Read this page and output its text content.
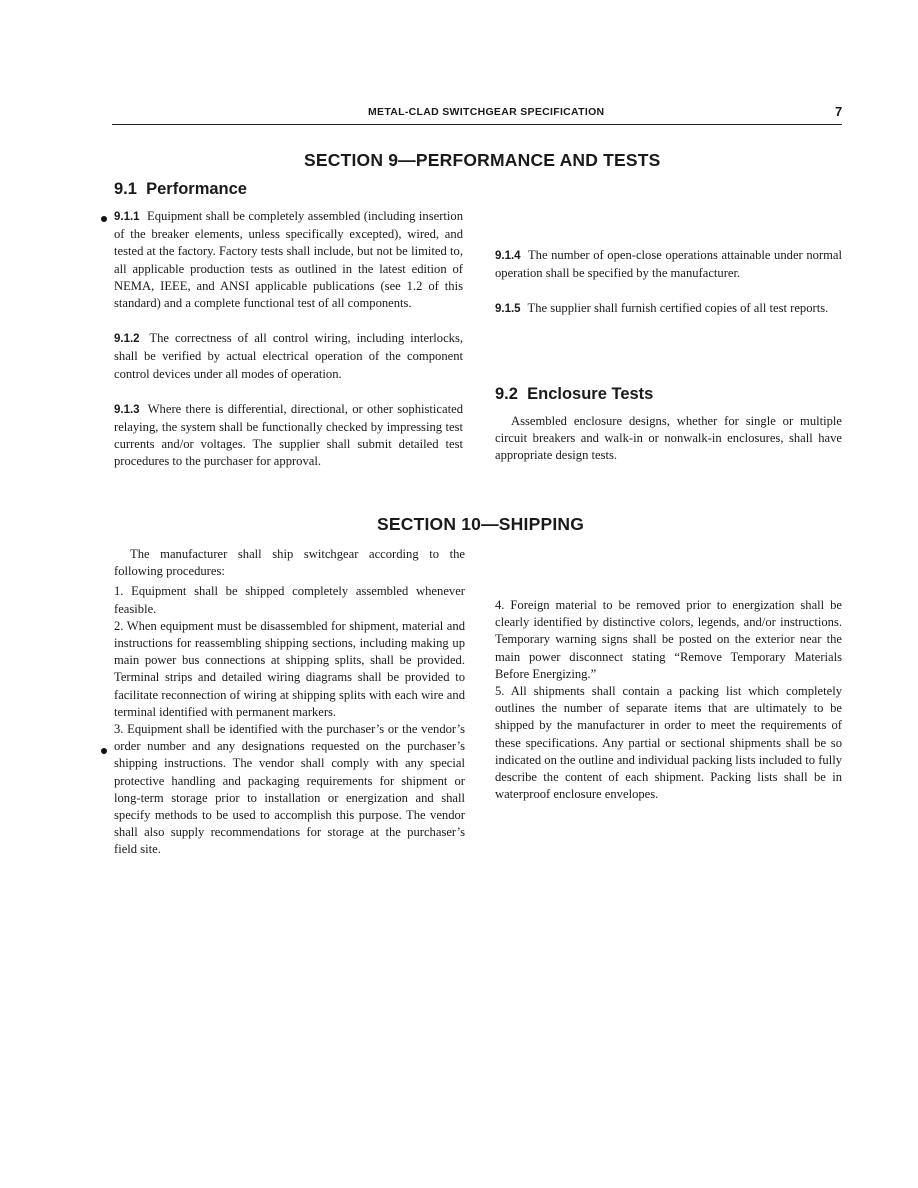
METAL-CLAD SWITCHGEAR SPECIFICATION	7
SECTION 9—PERFORMANCE AND TESTS
9.1 Performance

9.1.1 Equipment shall be completely assembled (including insertion of the breaker elements, unless specifically excepted), wired, and tested at the factory. Factory tests shall include, but not be limited to, all applicable production tests as outlined in the latest edition of NEMA, IEEE, and ANSI applicable publications (see 1.2 of this standard) and a complete functional test of all components.

9.1.2 The correctness of all control wiring, including interlocks, shall be verified by actual electrical operation of the component control devices under all modes of operation.

9.1.3 Where there is differential, directional, or other sophisticated relaying, the system shall be functionally checked by impressing test currents and/or voltages. The supplier shall submit detailed test procedures to the purchaser for approval.

9.1.4 The number of open-close operations attainable under normal operation shall be specified by the manufacturer.

9.1.5 The supplier shall furnish certified copies of all test reports.

9.2 Enclosure Tests

Assembled enclosure designs, whether for single or multiple circuit breakers and walk-in or nonwalk-in enclosures, shall have appropriate design tests.

SECTION 10—SHIPPING

The manufacturer shall ship switchgear according to the following procedures:

1. Equipment shall be shipped completely assembled whenever feasible.

2. When equipment must be disassembled for shipment, material and instructions for reassembling shipping sections, including making up main power bus connections at shipping splits, shall be provided. Terminal strips and detailed wiring diagrams shall be provided to facilitate reconnection of wiring at shipping splits with each wire and terminal identified with permanent markers.

3. Equipment shall be identified with the purchaser’s or the vendor’s order number and any designations requested on the purchaser’s shipping instructions. The vendor shall comply with any special protective handling and packaging requirements for shipment or long-term storage prior to installation or energization and shall specify methods to be used to accomplish this purpose. The vendor shall also supply recommendations for storage at the purchaser’s field site.

4. Foreign material to be removed prior to energization shall be clearly identified by distinctive colors, legends, and/or instructions. Temporary warning signs shall be posted on the exterior near the main power disconnect stating “Remove Temporary Materials Before Energizing.”

5. All shipments shall contain a packing list which completely outlines the number of separate items that are ultimately to be shipped by the manufacturer in order to meet the requirements of these specifications. Any partial or sectional shipments shall be so indicated on the outline and individual packing lists included to fully describe the content of each shipment. Packing lists shall be in waterproof enclosure envelopes.
